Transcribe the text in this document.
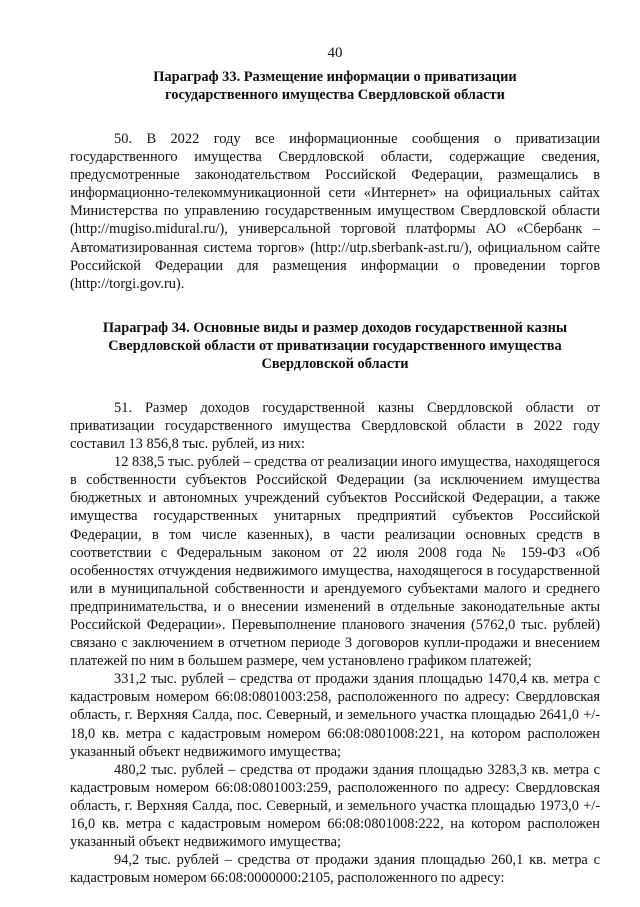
40
Параграф 33. Размещение информации о приватизации
государственного имущества Свердловской области

50. В 2022 году все информационные сообщения о приватизации государственного имущества Свердловской области, содержащие сведения, предусмотренные законодательством Российской Федерации, размещались в информационно-телекоммуникационной сети «Интернет» на официальных сайтах Министерства по управлению государственным имуществом Свердловской области (http://mugiso.midural.ru/), универсальной торговой платформы АО «Сбербанк – Автоматизированная система торгов» (http://utp.sberbank-ast.ru/), официальном сайте Российской Федерации для размещения информации о проведении торгов (http://torgi.gov.ru).

Параграф 34. Основные виды и размер доходов государственной казны
Свердловской области от приватизации государственного имущества
Свердловской области

51. Размер доходов государственной казны Свердловской области от приватизации государственного имущества Свердловской области в 2022 году составил 13 856,8 тыс. рублей, из них:

12 838,5 тыс. рублей – средства от реализации иного имущества, находящегося в собственности субъектов Российской Федерации (за исключением имущества бюджетных и автономных учреждений субъектов Российской Федерации, а также имущества государственных унитарных предприятий субъектов Российской Федерации, в том числе казенных), в части реализации основных средств в соответствии с Федеральным законом от 22 июля 2008 года № 159-ФЗ «Об особенностях отчуждения недвижимого имущества, находящегося в государственной или в муниципальной собственности и арендуемого субъектами малого и среднего предпринимательства, и о внесении изменений в отдельные законодательные акты Российской Федерации». Перевыполнение планового значения (5762,0 тыс. рублей) связано с заключением в отчетном периоде 3 договоров купли-продажи и внесением платежей по ним в большем размере, чем установлено графиком платежей;

331,2 тыс. рублей – средства от продажи здания площадью 1470,4 кв. метра с кадастровым номером 66:08:0801003:258, расположенного по адресу: Свердловская область, г. Верхняя Салда, пос. Северный, и земельного участка площадью 2641,0 +/- 18,0 кв. метра с кадастровым номером 66:08:0801008:221, на котором расположен указанный объект недвижимого имущества;

480,2 тыс. рублей – средства от продажи здания площадью 3283,3 кв. метра с кадастровым номером 66:08:0801003:259, расположенного по адресу: Свердловская область, г. Верхняя Салда, пос. Северный, и земельного участка площадью 1973,0 +/- 16,0 кв. метра с кадастровым номером 66:08:0801008:222, на котором расположен указанный объект недвижимого имущества;

94,2 тыс. рублей – средства от продажи здания площадью 260,1 кв. метра с кадастровым номером 66:08:0000000:2105, расположенного по адресу:
